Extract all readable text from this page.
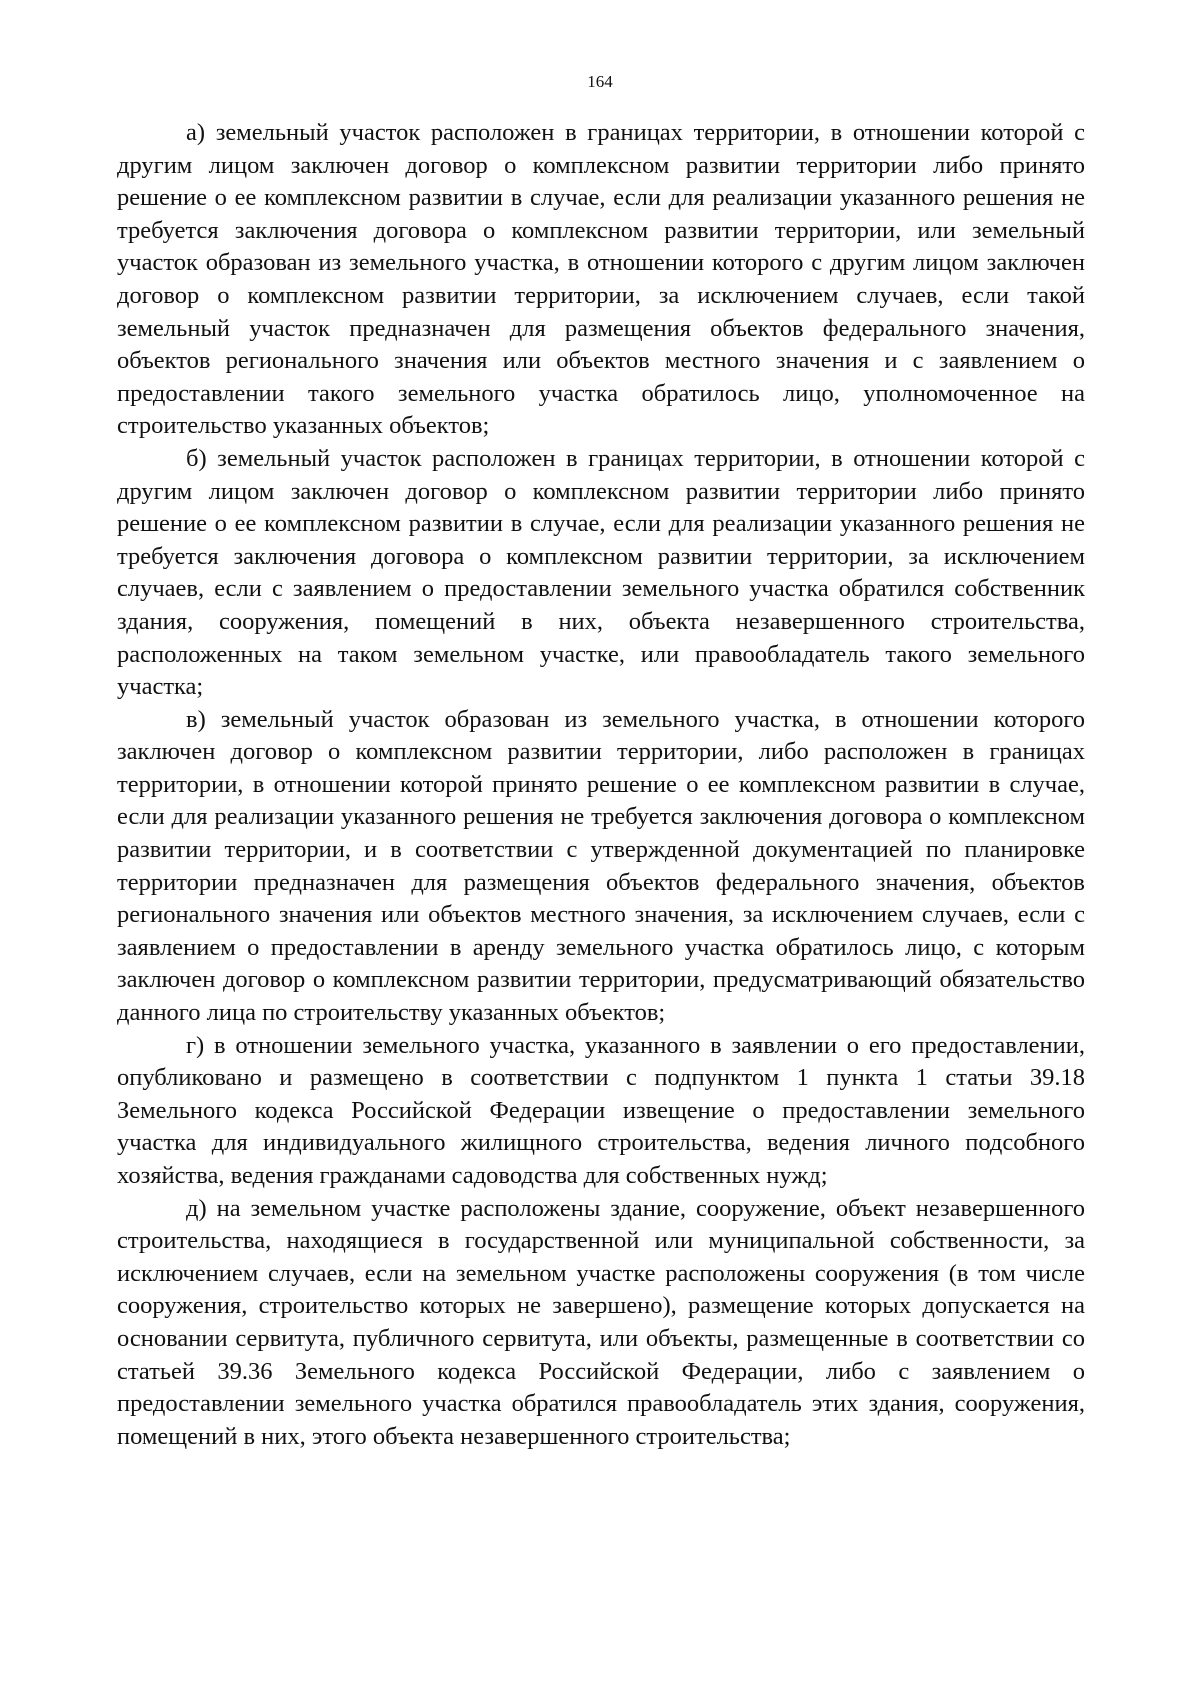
164

а) земельный участок расположен в границах территории, в отношении которой с другим лицом заключен договор о комплексном развитии территории либо принято решение о ее комплексном развитии в случае, если для реализации указанного решения не требуется заключения договора о комплексном развитии территории, или земельный участок образован из земельного участка, в отношении которого с другим лицом заключен договор о комплексном развитии территории, за исключением случаев, если такой земельный участок предназначен для размещения объектов федерального значения, объектов регионального значения или объектов местного значения и с заявлением о предоставлении такого земельного участка обратилось лицо, уполномоченное на строительство указанных объектов;

б) земельный участок расположен в границах территории, в отношении которой с другим лицом заключен договор о комплексном развитии территории либо принято решение о ее комплексном развитии в случае, если для реализации указанного решения не требуется заключения договора о комплексном развитии территории, за исключением случаев, если с заявлением о предоставлении земельного участка обратился собственник здания, сооружения, помещений в них, объекта незавершенного строительства, расположенных на таком земельном участке, или правообладатель такого земельного участка;

в) земельный участок образован из земельного участка, в отношении которого заключен договор о комплексном развитии территории, либо расположен в границах территории, в отношении которой принято решение о ее комплексном развитии в случае, если для реализации указанного решения не требуется заключения договора о комплексном развитии территории, и в соответствии с утвержденной документацией по планировке территории предназначен для размещения объектов федерального значения, объектов регионального значения или объектов местного значения, за исключением случаев, если с заявлением о предоставлении в аренду земельного участка обратилось лицо, с которым заключен договор о комплексном развитии территории, предусматривающий обязательство данного лица по строительству указанных объектов;

г) в отношении земельного участка, указанного в заявлении о его предоставлении, опубликовано и размещено в соответствии с подпунктом 1 пункта 1 статьи 39.18 Земельного кодекса Российской Федерации извещение о предоставлении земельного участка для индивидуального жилищного строительства, ведения личного подсобного хозяйства, ведения гражданами садоводства для собственных нужд;

д) на земельном участке расположены здание, сооружение, объект незавершенного строительства, находящиеся в государственной или муниципальной собственности, за исключением случаев, если на земельном участке расположены сооружения (в том числе сооружения, строительство которых не завершено), размещение которых допускается на основании сервитута, публичного сервитута, или объекты, размещенные в соответствии со статьей 39.36 Земельного кодекса Российской Федерации, либо с заявлением о предоставлении земельного участка обратился правообладатель этих здания, сооружения, помещений в них, этого объекта незавершенного строительства;
